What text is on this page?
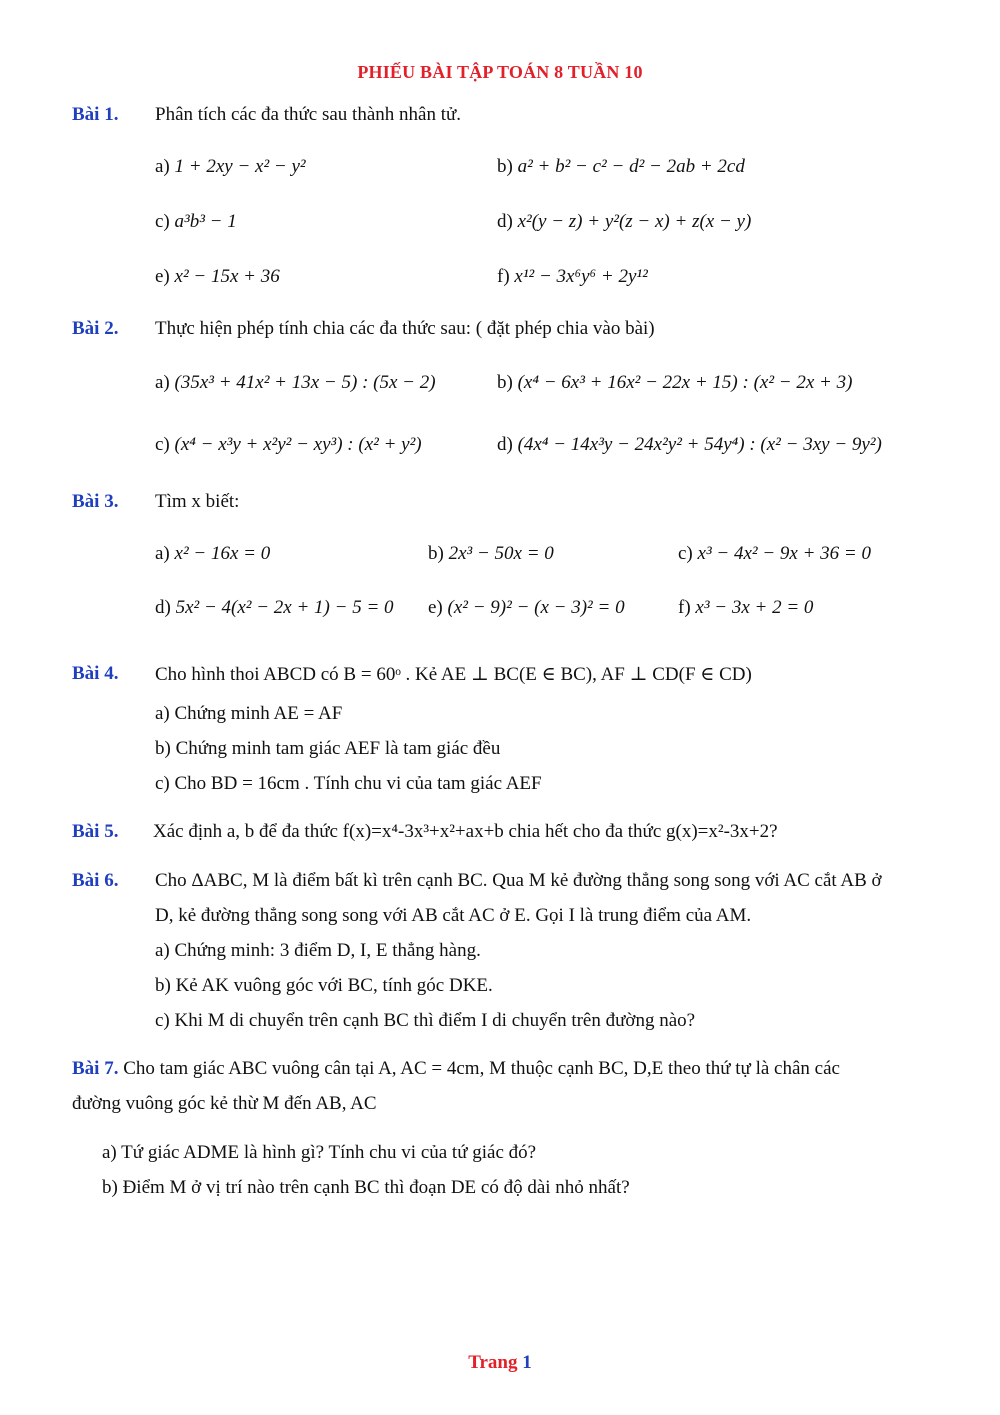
PHIẾU BÀI TẬP TOÁN 8 TUẦN 10
Bài 1. Phân tích các đa thức sau thành nhân tử.
a) 1 + 2xy − x² − y²	b) a² + b² − c² − d² − 2ab + 2cd
c) a³b³ − 1	d) x²(y − z) + y²(z − x) + z(x − y)
e) x² − 15x + 36	f) x¹² − 3x⁶y⁶ + 2y¹²
Bài 2. Thực hiện phép tính chia các đa thức sau: ( đặt phép chia vào bài)
a) (35x³ + 41x² + 13x − 5) : (5x − 2)	b) (x⁴ − 6x³ + 16x² − 22x + 15) : (x² − 2x + 3)
c) (x⁴ − x³y + x²y² − xy³) : (x² + y²)	d) (4x⁴ − 14x³y − 24x²y² + 54y⁴) : (x² − 3xy − 9y²)
Bài 3. Tìm x biết:
a) x² − 16x = 0	b) 2x³ − 50x = 0	c) x³ − 4x² − 9x + 36 = 0
d) 5x² − 4(x² − 2x + 1) − 5 = 0 e) (x² − 9)² − (x − 3)² = 0	f) x³ − 3x + 2 = 0
Bài 4. Cho hình thoi ABCD có B = 60ᵒ . Kẻ AE ⊥ BC(E ∈ BC), AF ⊥ CD(F ∈ CD)
a) Chứng minh AE = AF
b) Chứng minh tam giác AEF là tam giác đều
c) Cho BD = 16cm . Tính chu vi của tam giác AEF
Bài 5. Xác định a, b để đa thức f(x)=x⁴-3x³+x²+ax+b chia hết cho đa thức g(x)=x²-3x+2?
Bài 6. Cho ΔABC, M là điểm bất kì trên cạnh BC. Qua M kẻ đường thẳng song song với AC cắt AB ở
D, kẻ đường thẳng song song với AB cắt AC ở E. Gọi I là trung điểm của AM.
a) Chứng minh: 3 điểm D, I, E thẳng hàng.
b) Kẻ AK vuông góc với BC, tính góc DKE.
c) Khi M di chuyển trên cạnh BC thì điểm I di chuyển trên đường nào?
Bài 7. Cho tam giác ABC vuông cân tại A, AC = 4cm, M thuộc cạnh BC, D,E theo thứ tự là chân các
đường vuông góc kẻ thừ M đến AB, AC
a) Tứ giác ADME là hình gì? Tính chu vi của tứ giác đó?
b) Điểm M ở vị trí nào trên cạnh BC thì đoạn DE có độ dài nhỏ nhất?
Trang 1
